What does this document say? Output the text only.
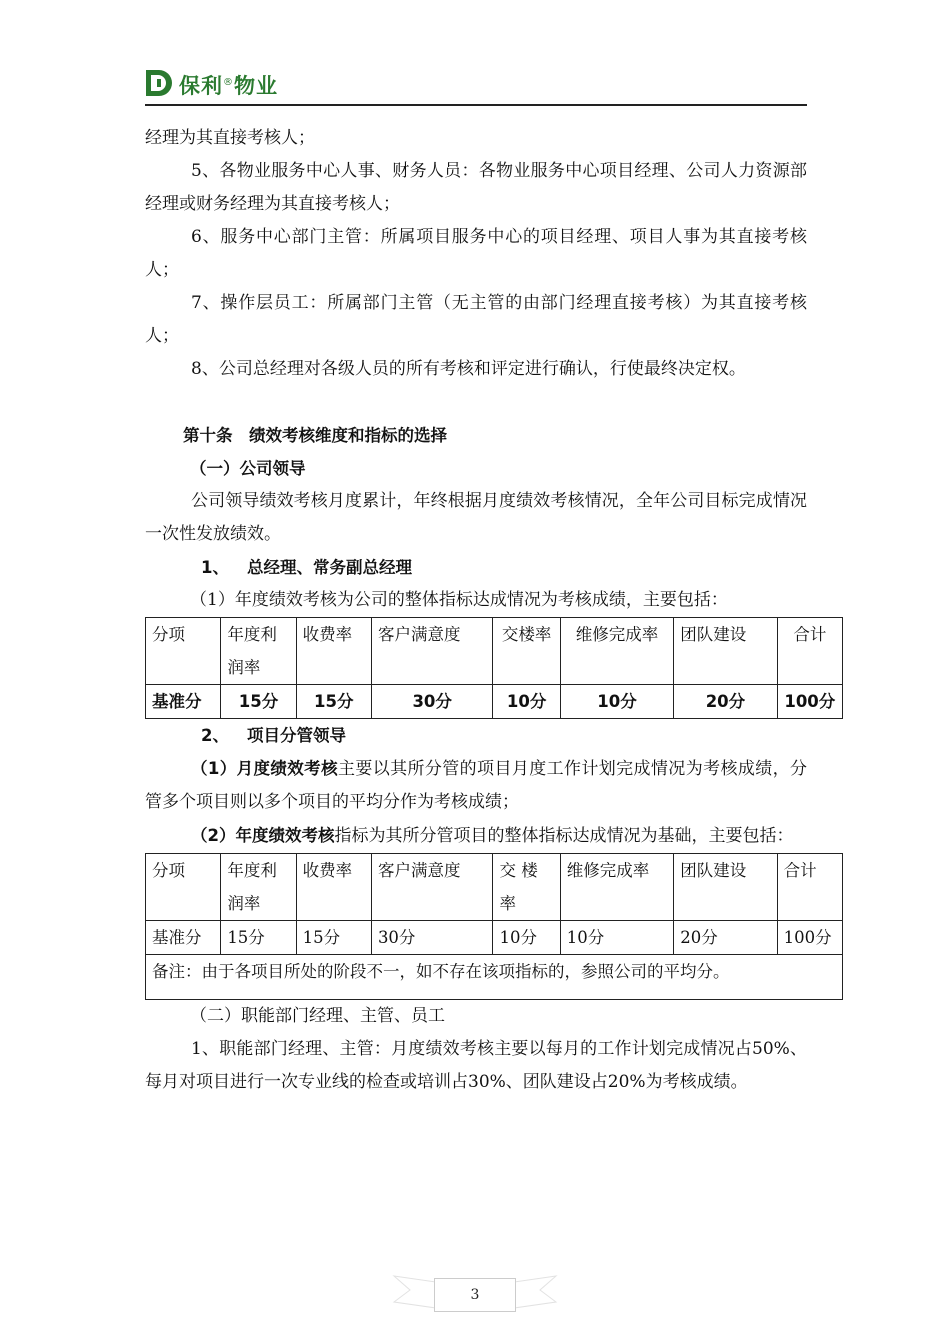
保利®物业

经理为其直接考核人；

5、各物业服务中心人事、财务人员：各物业服务中心项目经理、公司人力资源部经理或财务经理为其直接考核人；

6、服务中心部门主管：所属项目服务中心的项目经理、项目人事为其直接考核人；

7、操作层员工：所属部门主管（无主管的由部门经理直接考核）为其直接考核人；

8、公司总经理对各级人员的所有考核和评定进行确认，行使最终决定权。

第十条　绩效考核维度和指标的选择

（一）公司领导

公司领导绩效考核月度累计，年终根据月度绩效考核情况，全年公司目标完成情况一次性发放绩效。

1、 总经理、常务副总经理

（1）年度绩效考核为公司的整体指标达成情况为考核成绩，主要包括：

分项	年度利润率	收费率	客户满意度	交楼率	维修完成率	团队建设	合计
基准分	15分	15分	30分	10分	10分	20分	100分

2、 项目分管领导

（1）月度绩效考核主要以其所分管的项目月度工作计划完成情况为考核成绩，分管多个项目则以多个项目的平均分作为考核成绩；

（2）年度绩效考核指标为其所分管项目的整体指标达成情况为基础，主要包括：

分项	年度利润率	收费率	客户满意度	交 楼率	维修完成率	团队建设	合计
基准分	15分	15分	30分	10分	10分	20分	100分
备注：由于各项目所处的阶段不一，如不存在该项指标的，参照公司的平均分。							

（二）职能部门经理、主管、员工

1、职能部门经理、主管：月度绩效考核主要以每月的工作计划完成情况占50%、每月对项目进行一次专业线的检查或培训占30%、团队建设占20%为考核成绩。

3
